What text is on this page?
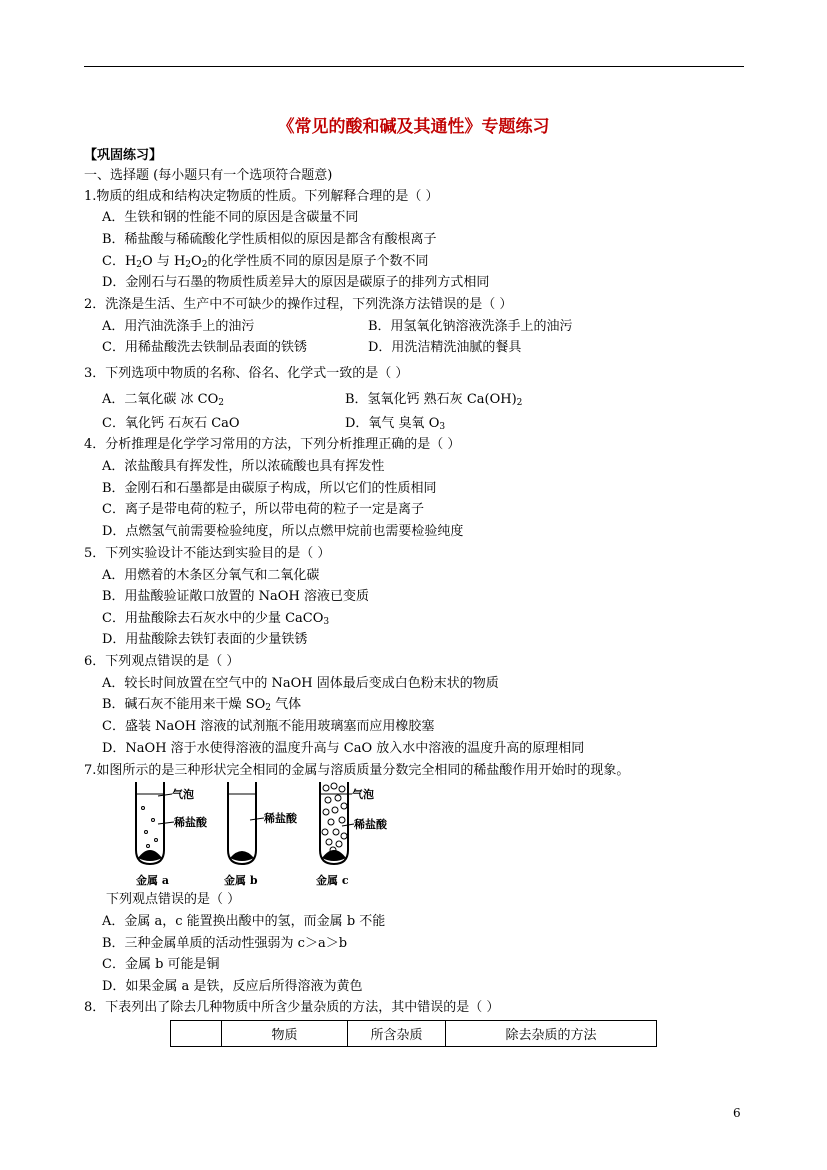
《常见的酸和碱及其通性》专题练习
【巩固练习】
一、选择题 (每小题只有一个选项符合题意)
1.物质的组成和结构决定物质的性质。下列解释合理的是（ ）
A．生铁和钢的性能不同的原因是含碳量不同
B．稀盐酸与稀硫酸化学性质相似的原因是都含有酸根离子
C．$H_2O$ 与 $H_2O_2$的化学性质不同的原因是原子个数不同
D．金刚石与石墨的物质性质差异大的原因是碳原子的排列方式相同
2．洗涤是生活、生产中不可缺少的操作过程，下列洗涤方法错误的是（ ）
A．用汽油洗涤手上的油污	B．用氢氧化钠溶液洗涤手上的油污
C．用稀盐酸洗去铁制品表面的铁锈	D．用洗洁精洗油腻的餐具
3．下列选项中物质的名称、俗名、化学式一致的是（ ）
A．二氧化碳 冰 $CO_2$	B．氢氧化钙 熟石灰 $Ca(OH)_2$
C．氧化钙 石灰石 CaO	D．氧气 臭氧 $O_3$
4．分析推理是化学学习常用的方法，下列分析推理正确的是（ ）
A．浓盐酸具有挥发性，所以浓硫酸也具有挥发性
B．金刚石和石墨都是由碳原子构成，所以它们的性质相同
C．离子是带电荷的粒子，所以带电荷的粒子一定是离子
D．点燃氢气前需要检验纯度，所以点燃甲烷前也需要检验纯度
5．下列实验设计不能达到实验目的是（ ）
A．用燃着的木条区分氧气和二氧化碳
B．用盐酸验证敞口放置的 NaOH 溶液已变质
C．用盐酸除去石灰水中的少量 CaCO$_3$
D．用盐酸除去铁钉表面的少量铁锈
6．下列观点错误的是（ ）
A．较长时间放置在空气中的 NaOH 固体最后变成白色粉末状的物质
B．碱石灰不能用来干燥 $SO_2$ 气体
C．盛装 NaOH 溶液的试剂瓶不能用玻璃塞而应用橡胶塞
D．NaOH 溶于水使得溶液的温度升高与 CaO 放入水中溶液的温度升高的原理相同
7.如图所示的是三种形状完全相同的金属与溶质质量分数完全相同的稀盐酸作用开始时的现象。
气泡
稀盐酸
金属 a
稀盐酸
金属 b
气泡
稀盐酸
金属 c
下列观点错误的是（ ）
A．金属 a，c 能置换出酸中的氢，而金属 b 不能
B．三种金属单质的活动性强弱为 c＞a＞b
C．金属 b 可能是铜
D．如果金属 a 是铁，反应后所得溶液为黄色
8．下表列出了除去几种物质中所含少量杂质的方法，其中错误的是（ ）
	物质	所含杂质	除去杂质的方法
6
